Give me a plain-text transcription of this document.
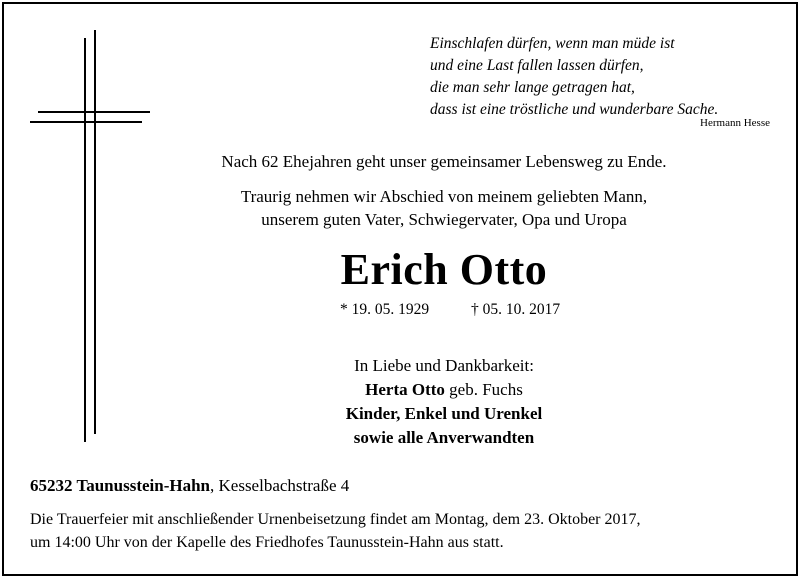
Einschlafen dürfen, wenn man müde ist
und eine Last fallen lassen dürfen,
die man sehr lange getragen hat,
dass ist eine tröstliche und wunderbare Sache.
Hermann Hesse
Nach 62 Ehejahren geht unser gemeinsamer Lebensweg zu Ende.
Traurig nehmen wir Abschied von meinem geliebten Mann,
unserem guten Vater, Schwiegervater, Opa und Uropa
Erich Otto
* 19. 05. 1929	† 05. 10. 2017
In Liebe und Dankbarkeit:
Herta Otto geb. Fuchs
Kinder, Enkel und Urenkel
sowie alle Anverwandten
65232 Taunusstein-Hahn, Kesselbachstraße 4
Die Trauerfeier mit anschließender Urnenbeisetzung findet am Montag, dem 23. Oktober 2017,
um 14:00 Uhr von der Kapelle des Friedhofes Taunusstein-Hahn aus statt.
